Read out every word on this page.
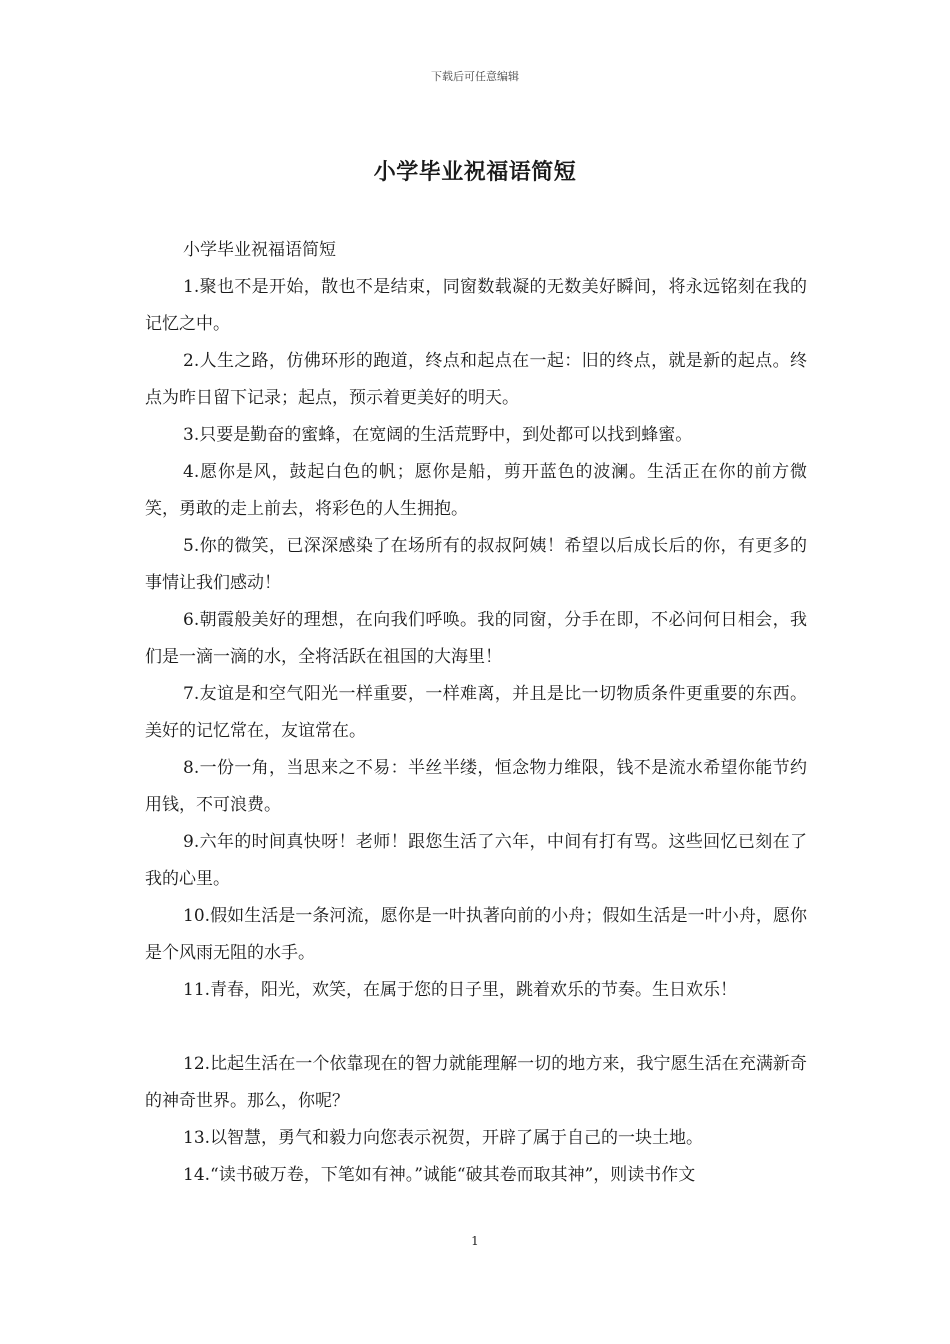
下载后可任意编辑
小学毕业祝福语简短

小学毕业祝福语简短

1.聚也不是开始，散也不是结束，同窗数载凝的无数美好瞬间，将永远铭刻在我的记忆之中。

2.人生之路，仿佛环形的跑道，终点和起点在一起：旧的终点，就是新的起点。终点为昨日留下记录；起点，预示着更美好的明天。

3.只要是勤奋的蜜蜂，在宽阔的生活荒野中，到处都可以找到蜂蜜。

4.愿你是风，鼓起白色的帆；愿你是船，剪开蓝色的波澜。生活正在你的前方微笑，勇敢的走上前去，将彩色的人生拥抱。

5.你的微笑，已深深感染了在场所有的叔叔阿姨！希望以后成长后的你，有更多的事情让我们感动！

6.朝霞般美好的理想，在向我们呼唤。我的同窗，分手在即，不必问何日相会，我们是一滴一滴的水，全将活跃在祖国的大海里！

7.友谊是和空气阳光一样重要，一样难离，并且是比一切物质条件更重要的东西。美好的记忆常在，友谊常在。

8.一份一角，当思来之不易：半丝半缕，恒念物力维限，钱不是流水希望你能节约用钱，不可浪费。

9.六年的时间真快呀！老师！跟您生活了六年，中间有打有骂。这些回忆已刻在了我的心里。

10.假如生活是一条河流，愿你是一叶执著向前的小舟；假如生活是一叶小舟，愿你是个风雨无阻的水手。

11.青春，阳光，欢笑，在属于您的日子里，跳着欢乐的节奏。生日欢乐！

12.比起生活在一个依靠现在的智力就能理解一切的地方来，我宁愿生活在充满新奇的神奇世界。那么，你呢？

13.以智慧，勇气和毅力向您表示祝贺，开辟了属于自己的一块土地。

14.“读书破万卷，下笔如有神。”诚能“破其卷而取其神”，则读书作文

1
